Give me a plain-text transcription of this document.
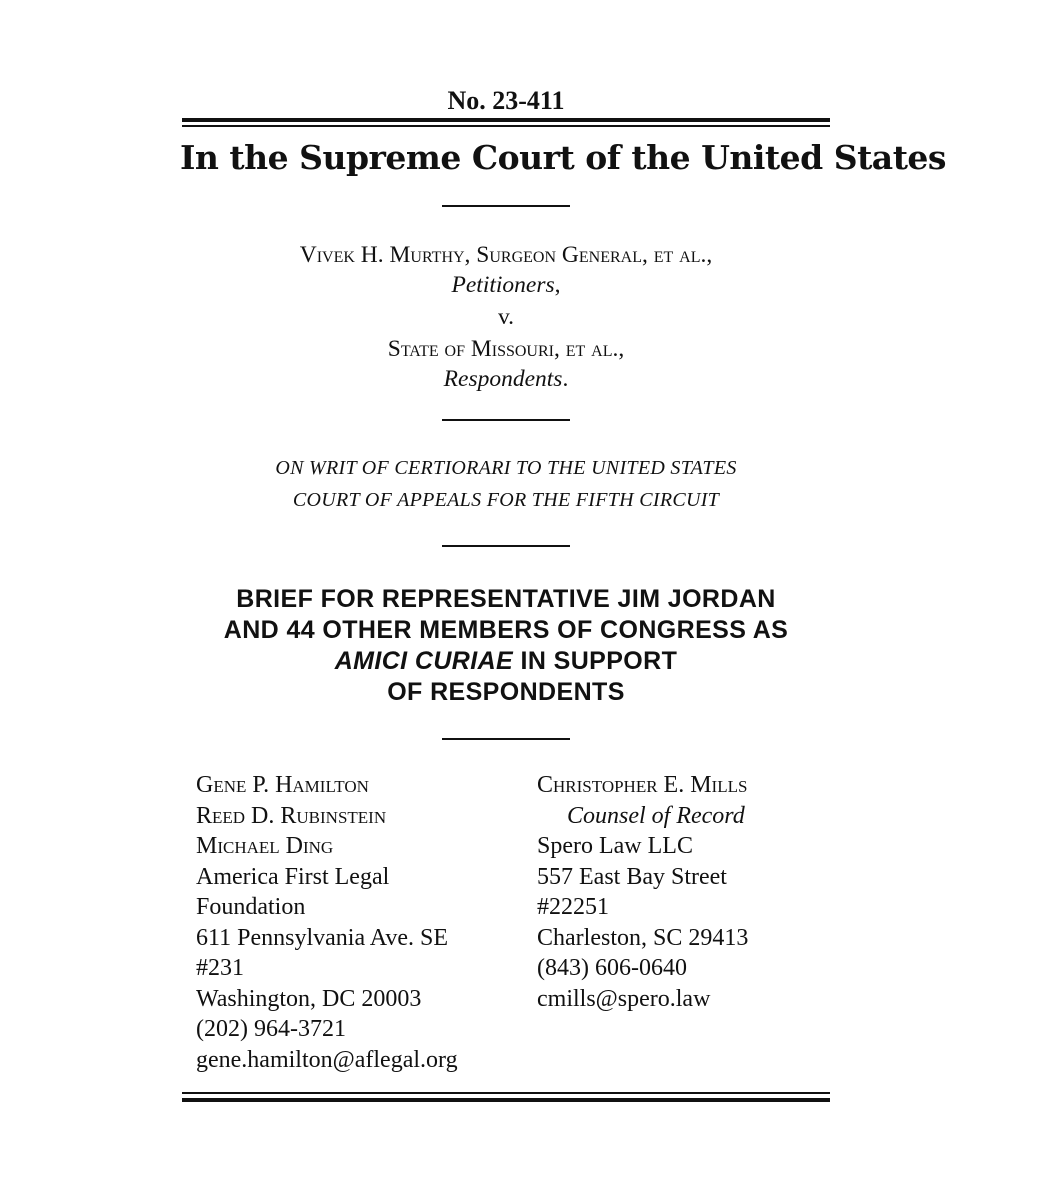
No. 23-411
In the Supreme Court of the United States
Vivek H. Murthy, Surgeon General, et al.,
Petitioners,
v.
State of Missouri, et al.,
Respondents.
ON WRIT OF CERTIORARI TO THE UNITED STATES
COURT OF APPEALS FOR THE FIFTH CIRCUIT
BRIEF FOR REPRESENTATIVE JIM JORDAN
AND 44 OTHER MEMBERS OF CONGRESS AS
AMICI CURIAE IN SUPPORT
OF RESPONDENTS
Gene P. Hamilton
Reed D. Rubinstein
Michael Ding
America First Legal
Foundation
611 Pennsylvania Ave. SE
#231
Washington, DC 20003
(202) 964-3721
gene.hamilton@aflegal.org
Christopher E. Mills
Counsel of Record
Spero Law LLC
557 East Bay Street
#22251
Charleston, SC 29413
(843) 606-0640
cmills@spero.law
